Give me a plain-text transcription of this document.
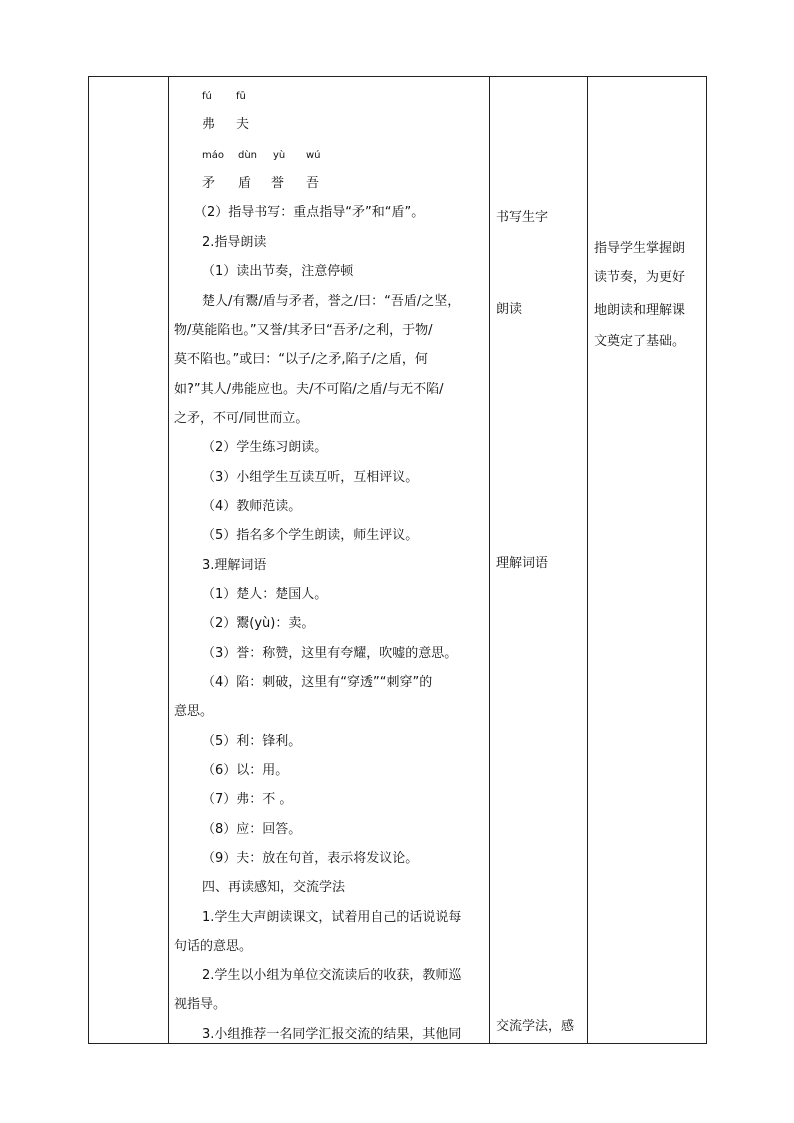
fú fū
弗 夫
máo dùn yù wú
矛 盾 誉 吾
（2）指导书写：重点指导“矛”和“盾”。
2.指导朗读
（1）读出节奏，注意停顿
楚人/有鬻/盾与矛者，誉之/曰：“吾盾/之坚，
物/莫能陷也。”又誉/其矛曰“吾矛/之利，于物/
莫不陷也。”或曰：“以子/之矛,陷子/之盾，何
如?”其人/弗能应也。夫/不可陷/之盾/与无不陷/
之矛，不可/同世而立。
（2）学生练习朗读。
（3）小组学生互读互听，互相评议。
（4）教师范读。
（5）指名多个学生朗读，师生评议。
3.理解词语
（1）楚人：楚国人。
（2）鬻(yù)：卖。
（3）誉：称赞，这里有夸耀，吹嘘的意思。
（4）陷：刺破，这里有“穿透”“刺穿”的
意思。
（5）利：锋利。
（6）以：用。
（7）弗：不 。
（8）应：回答。
（9）夫：放在句首，表示将发议论。
四、再读感知，交流学法
1.学生大声朗读课文，试着用自己的话说说每
句话的意思。
2.学生以小组为单位交流读后的收获，教师巡
视指导。
3.小组推荐一名同学汇报交流的结果，其他同
书写生字
朗读
理解词语
交流学法，感
指导学生掌握朗
读节奏，为更好
地朗读和理解课
文奠定了基础。
